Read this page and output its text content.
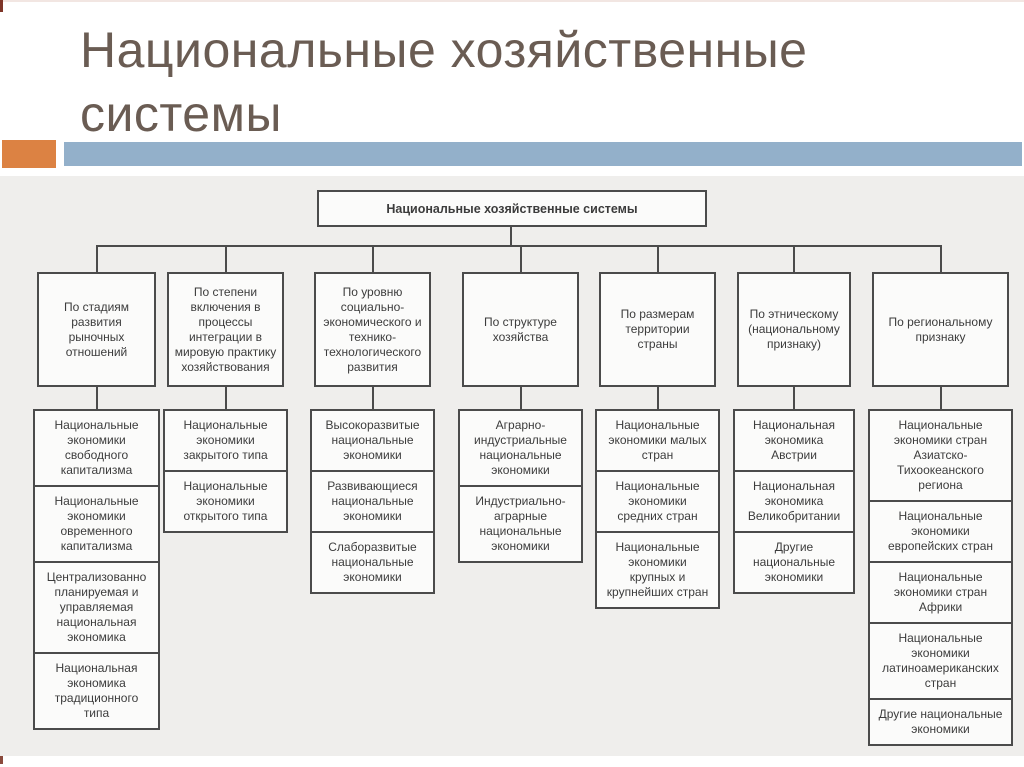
Национальные хозяйственные системы
Национальные хозяйственные системы
По стадиям развития рыночных отношений
Национальные экономики свободного капитализма
Национальные экономики овременного капитализма
Централизованно планируемая и управляемая национальная экономика
Национальная экономика традиционного типа
По степени включения в процессы интеграции в мировую практику хозяйствования
Национальные экономики закрытого типа
Национальные экономики открытого типа
По уровню социально-экономического и технико-технологического развития
Высокоразвитые национальные экономики
Развивающиеся национальные экономики
Слаборазвитые национальные экономики
По структуре хозяйства
Аграрно-индустриальные национальные экономики
Индустриально-аграрные национальные экономики
По размерам территории страны
Национальные экономики малых стран
Национальные экономики средних стран
Национальные экономики крупных и крупнейших стран
По этническому (национальному признаку)
Национальная экономика Австрии
Национальная экономика Великобритании
Другие национальные экономики
По региональному признаку
Национальные экономики стран Азиатско-Тихоокеанского региона
Национальные экономики европейских стран
Национальные экономики стран Африки
Национальные экономики латиноамериканских стран
Другие национальные экономики
